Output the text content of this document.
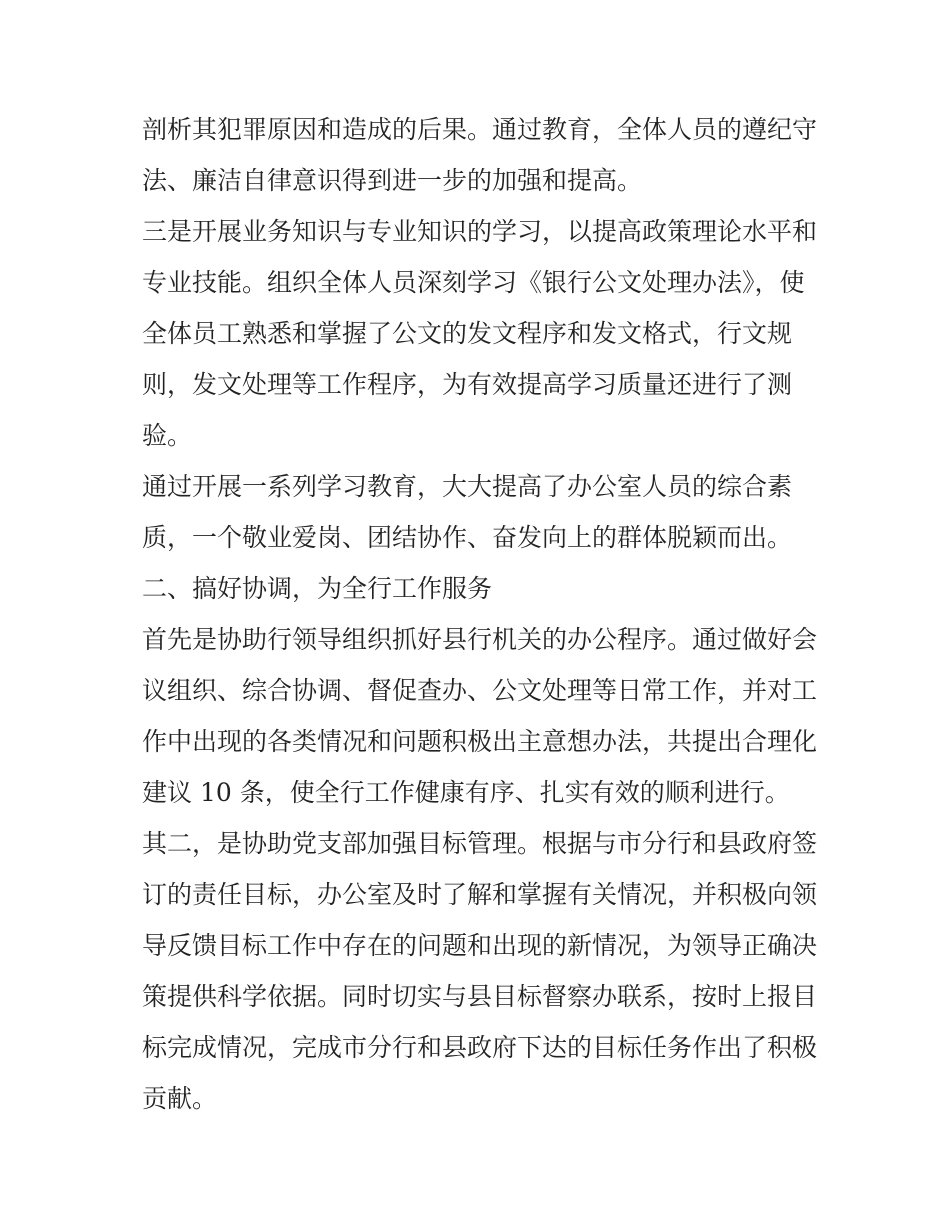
剖析其犯罪原因和造成的后果。通过教育，全体人员的遵纪守
法、廉洁自律意识得到进一步的加强和提高。
三是开展业务知识与专业知识的学习，以提高政策理论水平和
专业技能。组织全体人员深刻学习《银行公文处理办法》，使
全体员工熟悉和掌握了公文的发文程序和发文格式，行文规
则，发文处理等工作程序，为有效提高学习质量还进行了测
验。
通过开展一系列学习教育，大大提高了办公室人员的综合素
质，一个敬业爱岗、团结协作、奋发向上的群体脱颖而出。
二、搞好协调，为全行工作服务
首先是协助行领导组织抓好县行机关的办公程序。通过做好会
议组织、综合协调、督促查办、公文处理等日常工作，并对工
作中出现的各类情况和问题积极出主意想办法，共提出合理化
建议 10 条，使全行工作健康有序、扎实有效的顺利进行。
其二，是协助党支部加强目标管理。根据与市分行和县政府签
订的责任目标，办公室及时了解和掌握有关情况，并积极向领
导反馈目标工作中存在的问题和出现的新情况，为领导正确决
策提供科学依据。同时切实与县目标督察办联系，按时上报目
标完成情况，完成市分行和县政府下达的目标任务作出了积极
贡献。
